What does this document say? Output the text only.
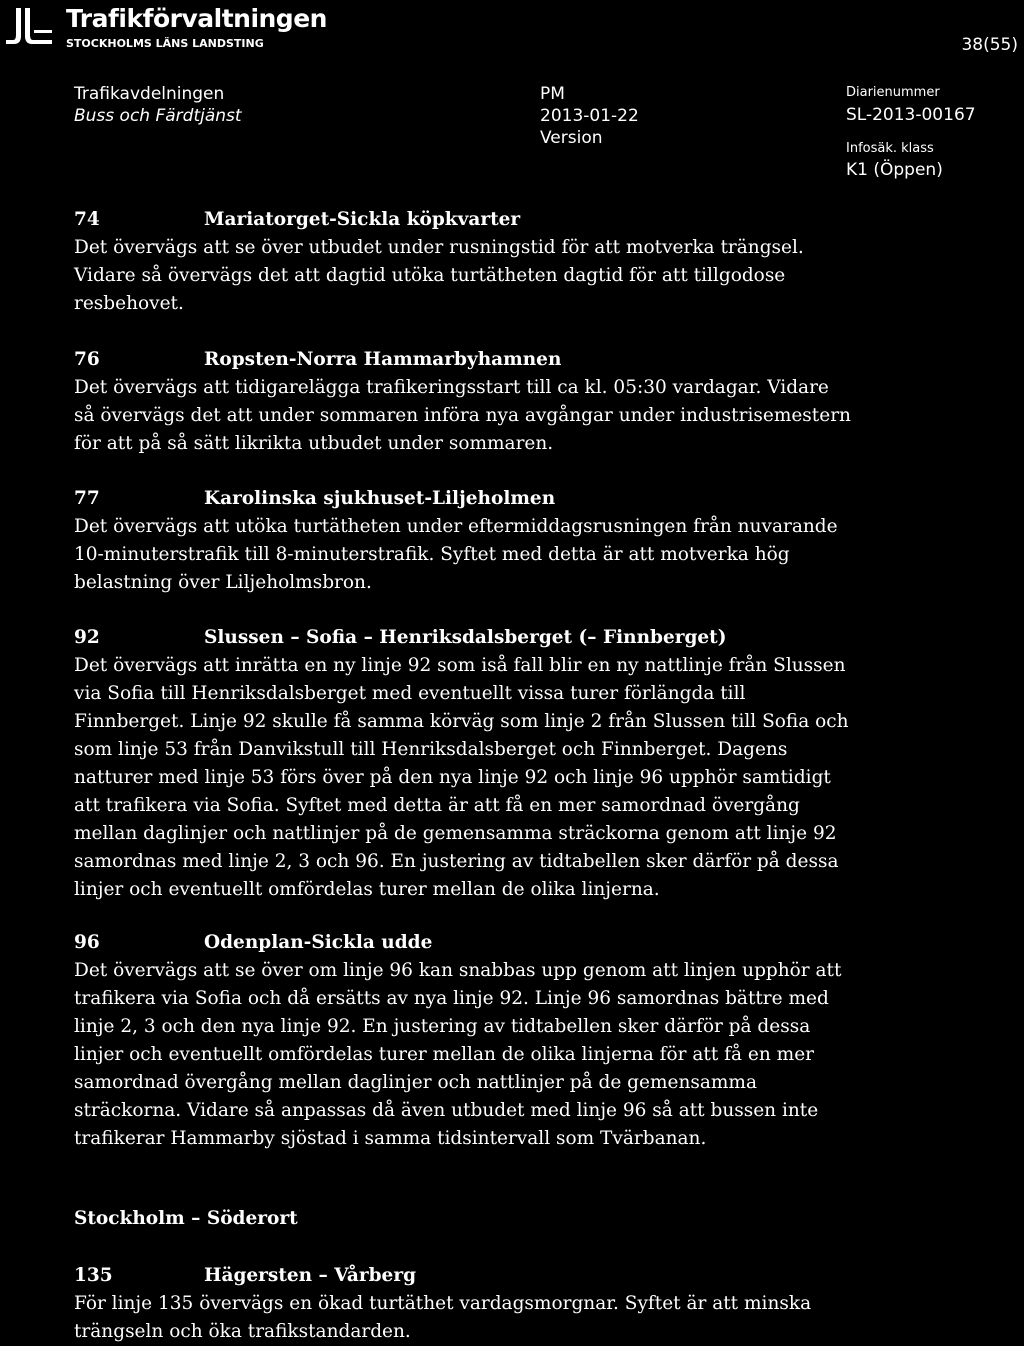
Trafikförvaltningen
STOCKHOLMS LÄNS LANDSTING	38(55)
Trafikavdelningen
Buss och Färdtjänst
PM
2013-01-22
Version
Diarienummer
SL-2013-00167
Infosäk. klass
K1 (Öppen)
74	Mariatorget-Sickla köpkvarter

Det övervägs att se över utbudet under rusningstid för att motverka trängsel. Vidare så övervägs det att dagtid utöka turtätheten dagtid för att tillgodose resbehovet.

76	Ropsten-Norra Hammarbyhamnen

Det övervägs att tidigarelägga trafikeringsstart till ca kl. 05:30 vardagar. Vidare så övervägs det att under sommaren införa nya avgångar under industrisemestern för att på så sätt likrikta utbudet under sommaren.

77	Karolinska sjukhuset-Liljeholmen

Det övervägs att utöka turtätheten under eftermiddagsrusningen från nuvarande 10-minuterstrafik till 8-minuterstrafik. Syftet med detta är att motverka hög belastning över Liljeholmsbron.

92	Slussen – Sofia – Henriksdalsberget (– Finnberget)

Det övervägs att inrätta en ny linje 92 som iså fall blir en ny nattlinje från Slussen via Sofia till Henriksdalsberget med eventuellt vissa turer förlängda till Finnberget. Linje 92 skulle få samma körväg som linje 2 från Slussen till Sofia och som linje 53 från Danvikstull till Henriksdalsberget och Finnberget. Dagens natturer med linje 53 förs över på den nya linje 92 och linje 96 upphör samtidigt att trafikera via Sofia. Syftet med detta är att få en mer samordnad övergång mellan daglinjer och nattlinjer på de gemensamma sträckorna genom att linje 92 samordnas med linje 2, 3 och 96. En justering av tidtabellen sker därför på dessa linjer och eventuellt omfördelas turer mellan de olika linjerna.

96	Odenplan-Sickla udde

Det övervägs att se över om linje 96 kan snabbas upp genom att linjen upphör att trafikera via Sofia och då ersätts av nya linje 92. Linje 96 samordnas bättre med linje 2, 3 och den nya linje 92. En justering av tidtabellen sker därför på dessa linjer och eventuellt omfördelas turer mellan de olika linjerna för att få en mer samordnad övergång mellan daglinjer och nattlinjer på de gemensamma sträckorna. Vidare så anpassas då även utbudet med linje 96 så att bussen inte trafikerar Hammarby sjöstad i samma tidsintervall som Tvärbanan.

Stockholm – Söderort
135	Hägersten – Vårberg

För linje 135 övervägs en ökad turtäthet vardagsmorgnar. Syftet är att minska trängseln och öka trafikstandarden.
